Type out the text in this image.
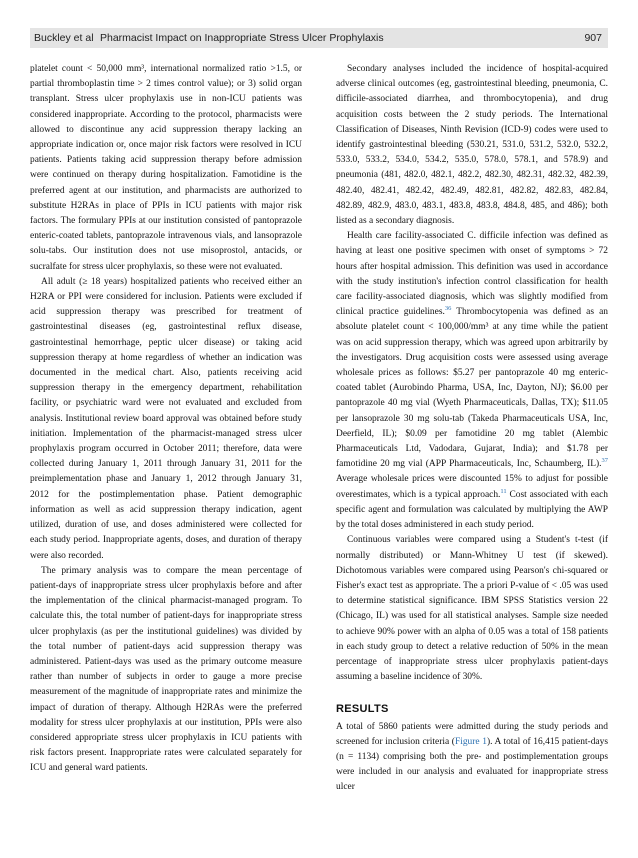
Buckley et al Pharmacist Impact on Inappropriate Stress Ulcer Prophylaxis	907

platelet count < 50,000 mm³, international normalized ratio >1.5, or partial thromboplastin time > 2 times control value); or 3) solid organ transplant. Stress ulcer prophylaxis use in non-ICU patients was considered inappropriate. According to the protocol, pharmacists were allowed to discontinue any acid suppression therapy lacking an appropriate indication or, once major risk factors were resolved in ICU patients. Patients taking acid suppression therapy before admission were continued on therapy during hospitalization. Famotidine is the preferred agent at our institution, and pharmacists are authorized to substitute H2RAs in place of PPIs in ICU patients with major risk factors. The formulary PPIs at our institution consisted of pantoprazole enteric-coated tablets, pantoprazole intravenous vials, and lansoprazole solu-tabs. Our institution does not use misoprostol, antacids, or sucralfate for stress ulcer prophylaxis, so these were not evaluated.

All adult (≥ 18 years) hospitalized patients who received either an H2RA or PPI were considered for inclusion. Patients were excluded if acid suppression therapy was prescribed for treatment of gastrointestinal diseases (eg, gastrointestinal reflux disease, gastrointestinal hemorrhage, peptic ulcer disease) or taking acid suppression therapy at home regardless of whether an indication was documented in the medical chart. Also, patients receiving acid suppression therapy in the emergency department, rehabilitation facility, or psychiatric ward were not evaluated and excluded from analysis. Institutional review board approval was obtained before study initiation. Implementation of the pharmacist-managed stress ulcer prophylaxis program occurred in October 2011; therefore, data were collected during January 1, 2011 through January 31, 2011 for the preimplementation phase and January 1, 2012 through January 31, 2012 for the postimplementation phase. Patient demographic information as well as acid suppression therapy indication, agent utilized, duration of use, and doses administered were collected for each study period. Inappropriate agents, doses, and duration of therapy were also recorded.

The primary analysis was to compare the mean percentage of patient-days of inappropriate stress ulcer prophylaxis before and after the implementation of the clinical pharmacist-managed program. To calculate this, the total number of patient-days for inappropriate stress ulcer prophylaxis (as per the institutional guidelines) was divided by the total number of patient-days acid suppression therapy was administered. Patient-days was used as the primary outcome measure rather than number of subjects in order to gauge a more precise measurement of the magnitude of inappropriate rates and minimize the impact of duration of therapy. Although H2RAs were the preferred modality for stress ulcer prophylaxis at our institution, PPIs were also considered appropriate stress ulcer prophylaxis in ICU patients with risk factors present. Inappropriate rates were calculated separately for ICU and general ward patients.

Secondary analyses included the incidence of hospital-acquired adverse clinical outcomes (eg, gastrointestinal bleeding, pneumonia, C. difficile-associated diarrhea, and thrombocytopenia), and drug acquisition costs between the 2 study periods. The International Classification of Diseases, Ninth Revision (ICD-9) codes were used to identify gastrointestinal bleeding (530.21, 531.0, 531.2, 532.0, 532.2, 533.0, 533.2, 534.0, 534.2, 535.0, 578.0, 578.1, and 578.9) and pneumonia (481, 482.0, 482.1, 482.2, 482.30, 482.31, 482.32, 482.39, 482.40, 482.41, 482.42, 482.49, 482.81, 482.82, 482.83, 482.84, 482.89, 482.9, 483.0, 483.1, 483.8, 483.8, 484.8, 485, and 486); both listed as a secondary diagnosis.

Health care facility-associated C. difficile infection was defined as having at least one positive specimen with onset of symptoms > 72 hours after hospital admission. This definition was used in accordance with the study institution's infection control classification for health care facility-associated diagnosis, which was slightly modified from clinical practice guidelines.$^{36}$ Thrombocytopenia was defined as an absolute platelet count < 100,000/mm³ at any time while the patient was on acid suppression therapy, which was agreed upon arbitrarily by the investigators. Drug acquisition costs were assessed using average wholesale prices as follows: $5.27 per pantoprazole 40 mg enteric-coated tablet (Aurobindo Pharma, USA, Inc, Dayton, NJ); $6.00 per pantoprazole 40 mg vial (Wyeth Pharmaceuticals, Dallas, TX); $11.05 per lansoprazole 30 mg solu-tab (Takeda Pharmaceuticals USA, Inc, Deerfield, IL); $0.09 per famotidine 20 mg tablet (Alembic Pharmaceuticals Ltd, Vadodara, Gujarat, India); and $1.78 per famotidine 20 mg vial (APP Pharmaceuticals, Inc, Schaumberg, IL).$^{37}$ Average wholesale prices were discounted 15% to adjust for possible overestimates, which is a typical approach.$^{11}$ Cost associated with each specific agent and formulation was calculated by multiplying the AWP by the total doses administered in each study period.

Continuous variables were compared using a Student's t-test (if normally distributed) or Mann-Whitney U test (if skewed). Dichotomous variables were compared using Pearson's chi-squared or Fisher's exact test as appropriate. The a priori P-value of < .05 was used to determine statistical significance. IBM SPSS Statistics version 22 (Chicago, IL) was used for all statistical analyses. Sample size needed to achieve 90% power with an alpha of 0.05 was a total of 158 patients in each study group to detect a relative reduction of 50% in the mean percentage of inappropriate stress ulcer prophylaxis patient-days assuming a baseline incidence of 30%.

RESULTS

A total of 5860 patients were admitted during the study periods and screened for inclusion criteria (Figure 1). A total of 16,415 patient-days (n = 1134) comprising both the pre- and postimplementation groups were included in our analysis and evaluated for inappropriate stress ulcer
